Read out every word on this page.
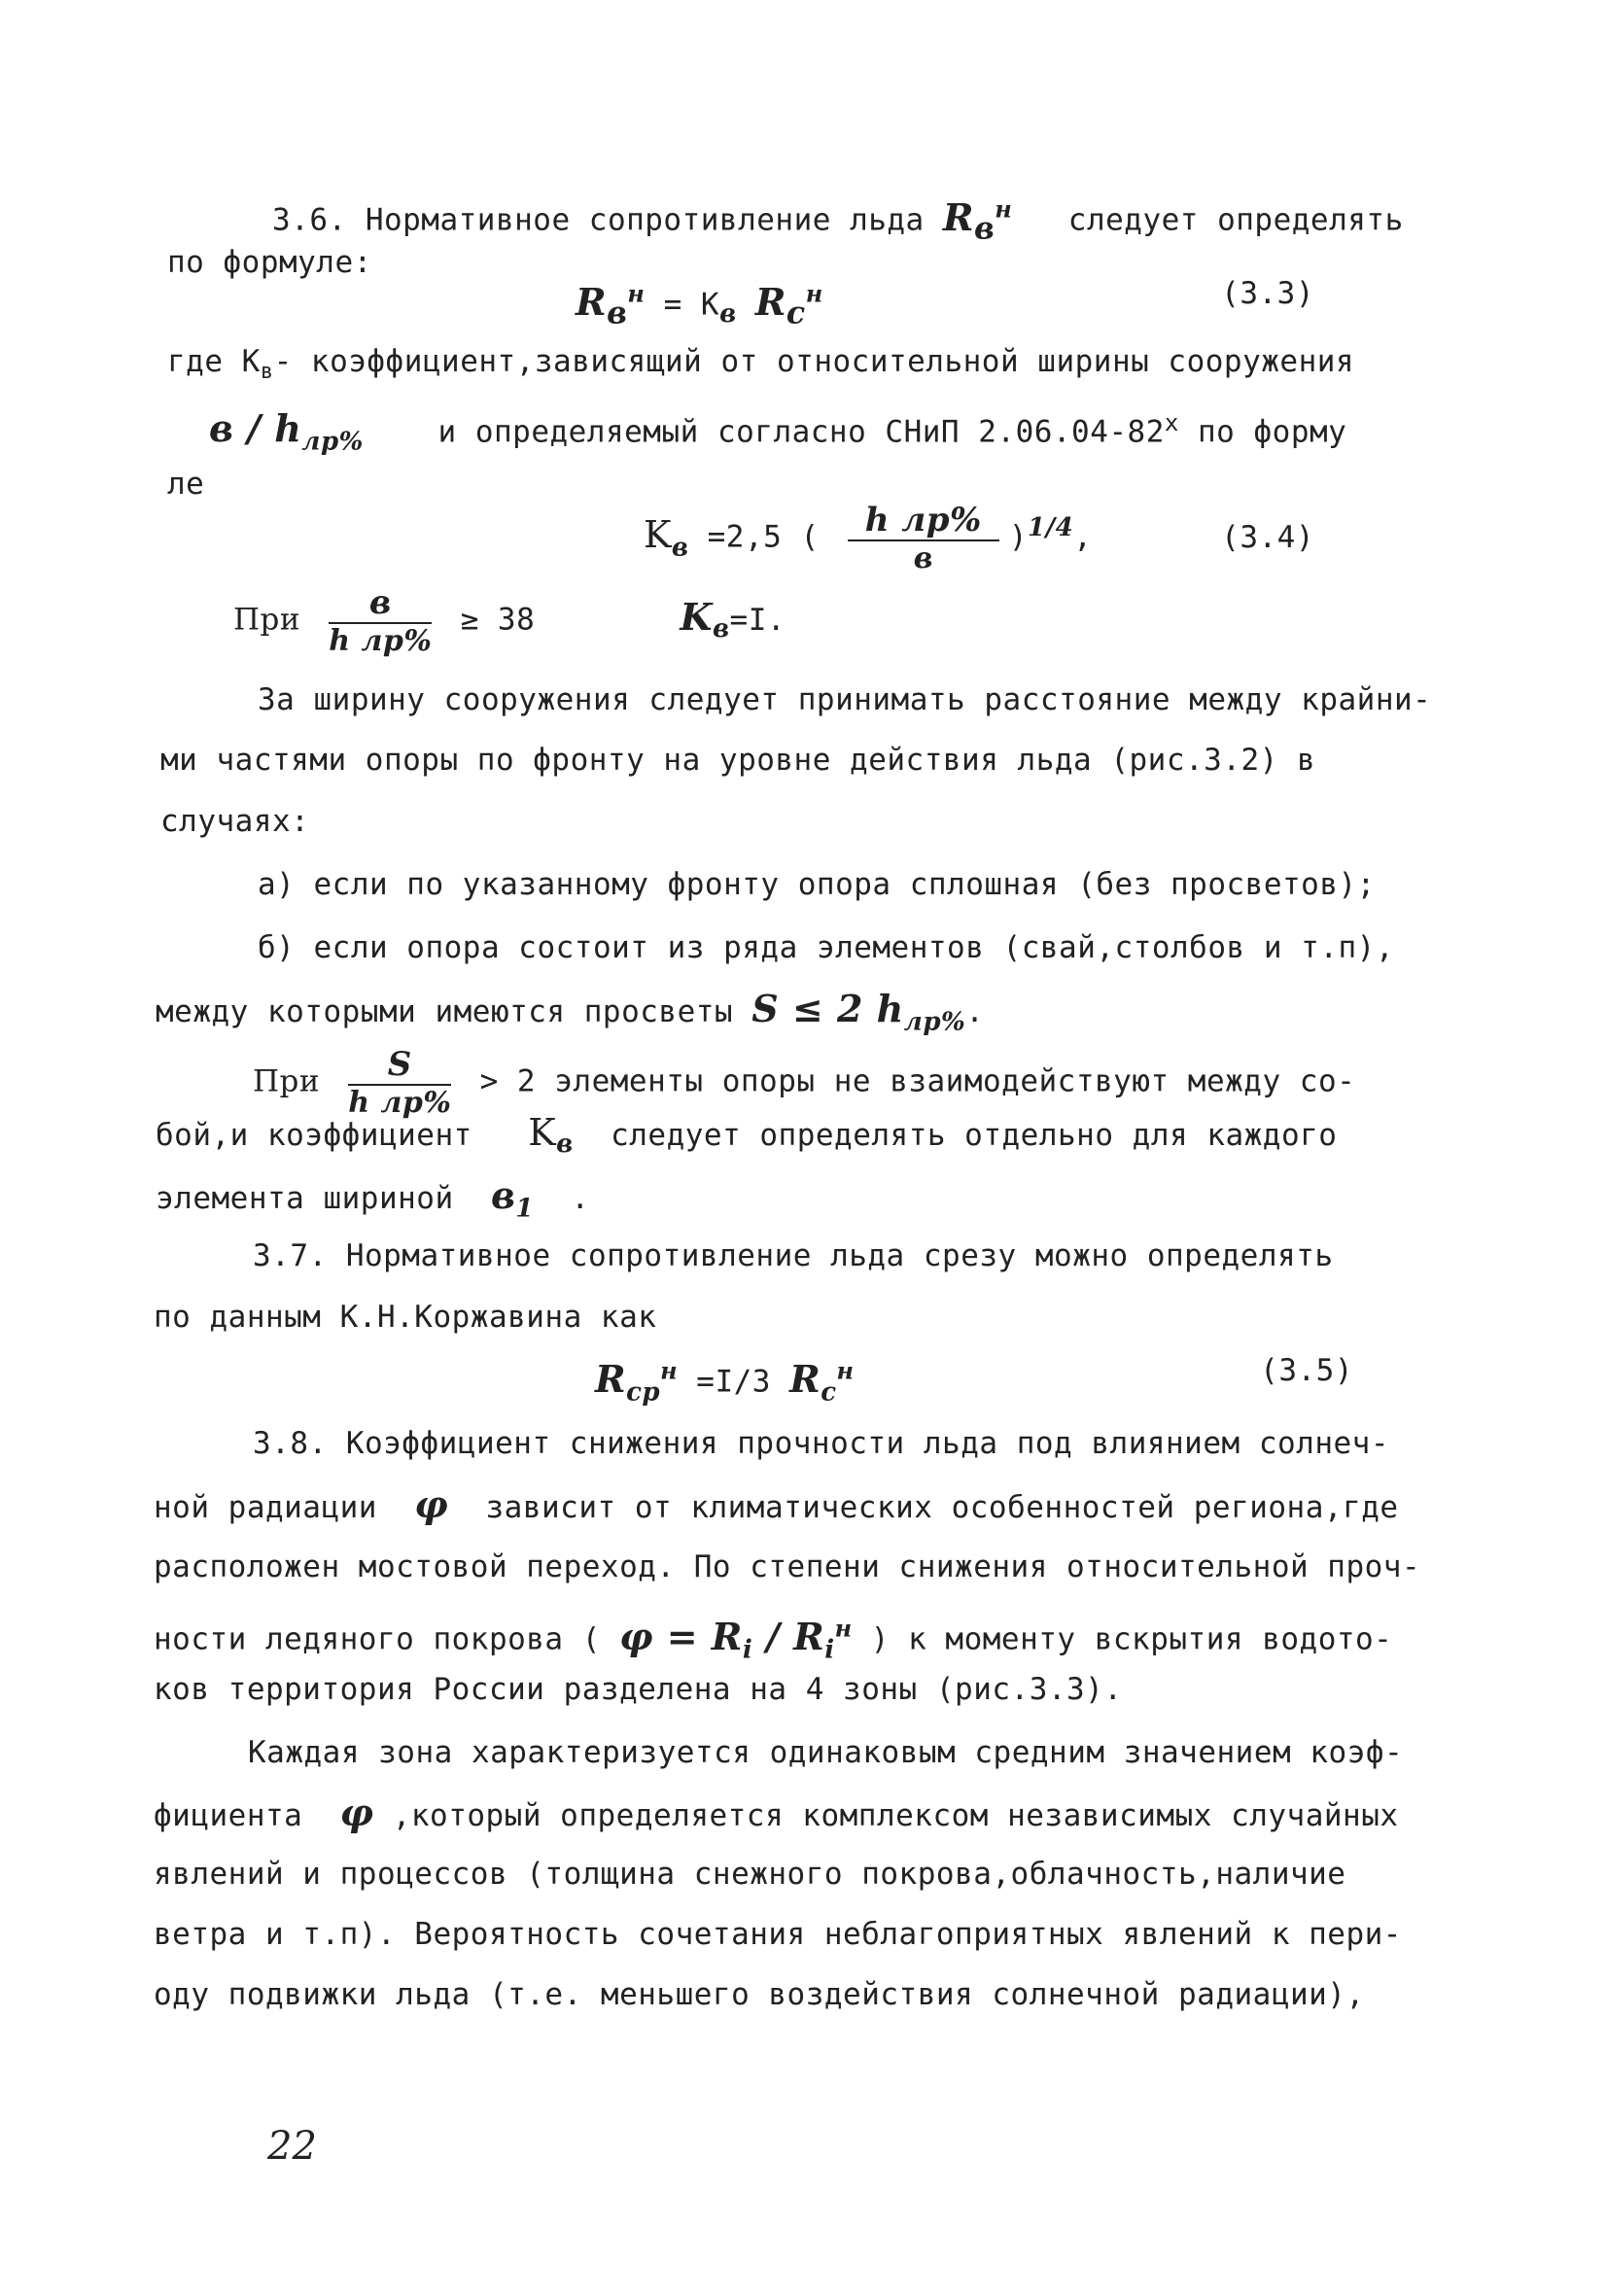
3.6. Нормативное сопротивление льда $R_в^н$ следует определять
по формуле:
$R_в^н = K_в$ $R_c^н$	(3.3)
где $K_в-$ коэффициент,зависящий от относительной ширины сооружения
в / $h_{лр\%}$ и определяемый согласно СНиП $2.06.04-82^х$ по форму
ле
$K_в =2,5$ ( $\frac{\text{h лр\%}}{в} )^{1/4}$,	(3.4)
При $\frac{в}{\text{h лр\%}} \ge 38$	$K_в=I$.
За ширину сооружения следует принимать расстояние между крайни-
ми частями опоры по фронту на уровне действия льда (рис.3.2) в
случаях:
а) если по указанному фронту опора сплошная (без просветов);
б) если опора состоит из ряда элементов (свай,столбов и т.п),
между которыми имеются просветы S ≤ 2 $h_{лр\%}$.
При $\frac{S}{\text{h лр\%}} > 2$ элементы опоры не взаимодействуют между со-
бой,и коэффициент $K_в$ следует определять отдельно для каждого
элемента шириной $в_1$ .
3.7. Нормативное сопротивление льда срезу можно определять
по данным К.Н.Коржавина как
$R_{ср}^н =I/3$ $R_c^н$	(3.5)
3.8. Коэффициент снижения прочности льда под влиянием солнеч-
ной радиации φ зависит от климатических особенностей региона,где
расположен мостовой переход. По степени снижения относительной проч-
ности ледяного покрова ( $\varphi = R_i / R_i^н$ ) к моменту вскрытия водото-
ков территория России разделена на 4 зоны (рис.3.3).
Каждая зона характеризуется одинаковым средним значением коэф-
фициента φ ,который определяется комплексом независимых случайных
явлений и процессов (толщина снежного покрова,облачность,наличие
ветра и т.п). Вероятность сочетания неблагоприятных явлений к пери-
оду подвижки льда (т.е. меньшего воздействия солнечной радиации),
22
